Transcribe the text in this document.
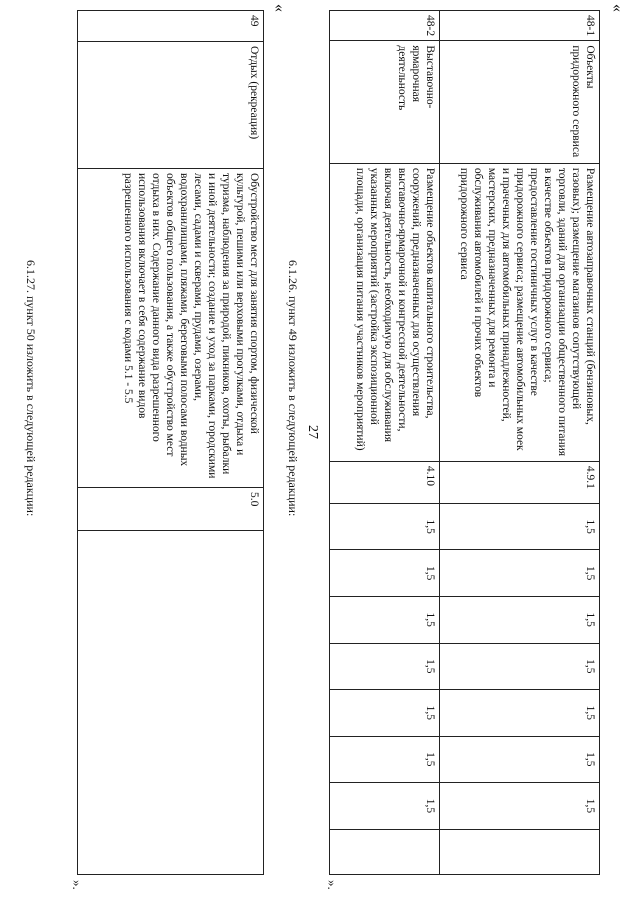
27
«
48-1	Объекты придорожного сервиса	Размещение автозаправочных станций (бензиновых, газовых); размещение магазинов сопутствующей торговли, зданий для организации общественного питания в качестве объектов придорожного сервиса; предоставление гостиничных услуг в качестве придорожного сервиса; размещение автомобильных моек и прачечных для автомобильных принадлежностей, мастерских, предназначенных для ремонта и обслуживания автомобилей и прочих объектов придорожного сервиса	4.9.1	1,5	1,5	1,5	1,5	1,5	1,5	1,5	
48-2	Выставочно-ярмарочная деятельность	Размещение объектов капитального строительства, сооружений, предназначенных для осуществления выставочно-ярмарочной и конгрессной деятельности, включая деятельность, необходимую для обслуживания указанных мероприятий (застройка экспозиционной площади, организация питания участников мероприятий)	4.10	1,5	1,5	1,5	1,5	1,5	1,5	1,5	
».
6.1.26. пункт 49 изложить в следующей редакции:
«
49	Отдых (рекреация)	Обустройство мест для занятия спортом, физической культурой, пешими или верховыми прогулками, отдыха и туризма, наблюдения за природой, пикников, охоты, рыбалки и иной деятельности; создание и уход за парками, городскими лесами, садами и скверами, прудами, озерами, водохранилищами, пляжами, береговыми полосами водных объектов общего пользования, а также обустройство мест отдыха в них. Содержание данного вида разрешенного использования включает в себя содержание видов разрешенного использования с кодами 5.1 - 5.5	5.0	
».
6.1.27. пункт 50 изложить в следующей редакции:
